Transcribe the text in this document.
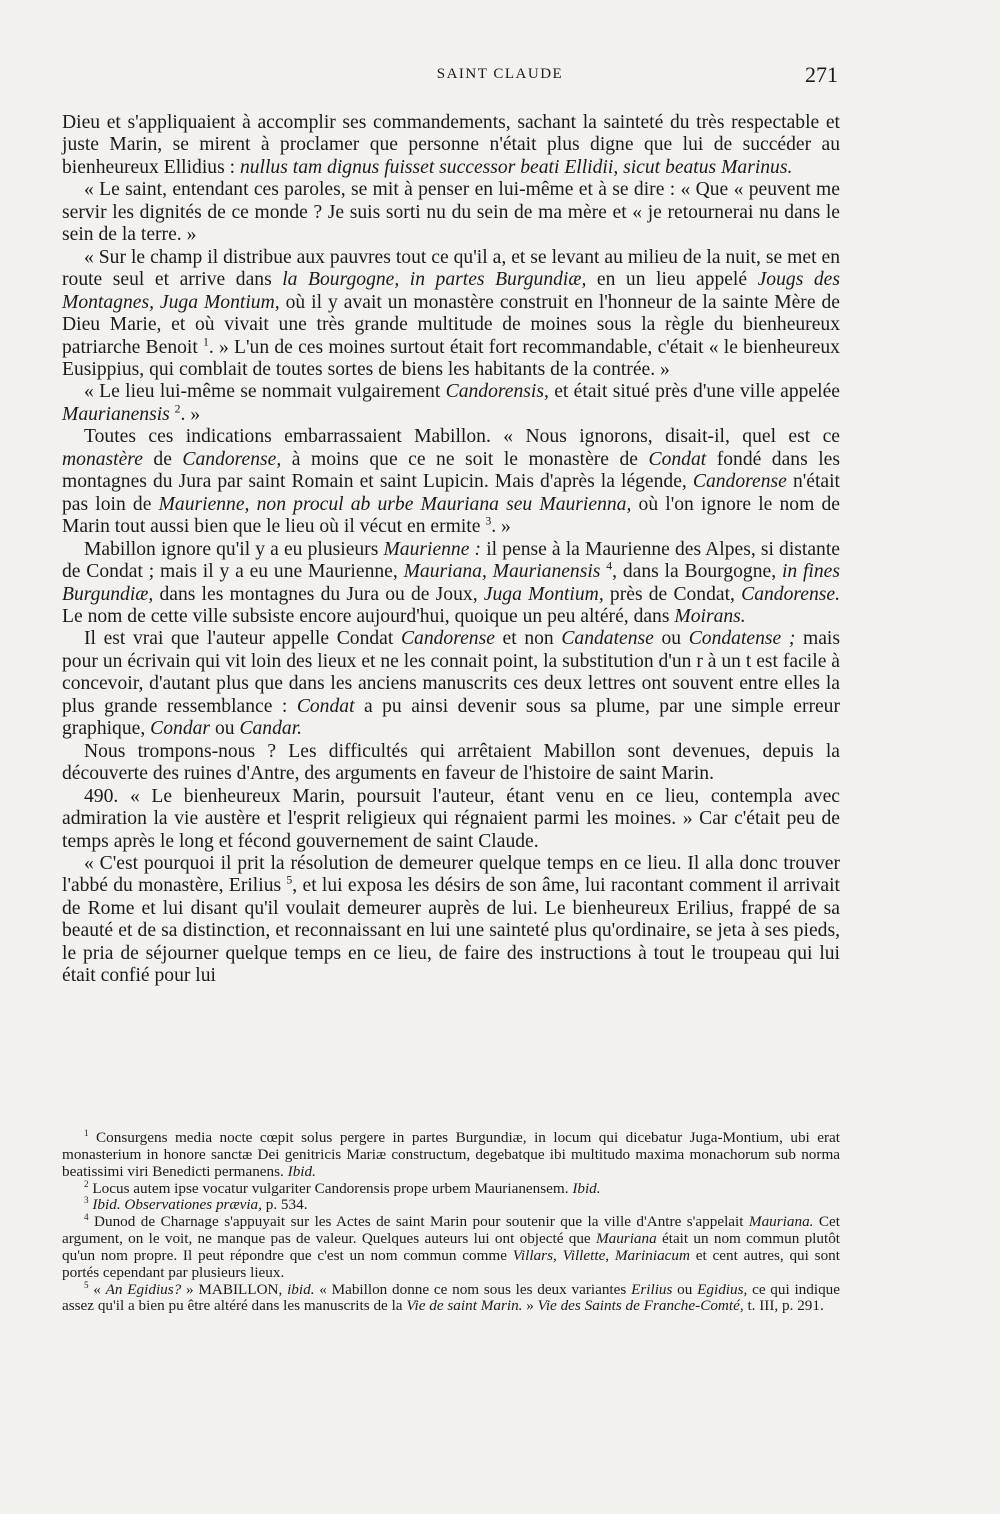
SAINT CLAUDE	271

Dieu et s'appliquaient à accomplir ses commandements, sachant la sainteté du très respectable et juste Marin, se mirent à proclamer que personne n'était plus digne que lui de succéder au bienheureux Ellidius : nullus tam dignus fuisset successor beati Ellidii, sicut beatus Marinus.

« Le saint, entendant ces paroles, se mit à penser en lui-même et à se dire : « Que « peuvent me servir les dignités de ce monde ? Je suis sorti nu du sein de ma mère et « je retournerai nu dans le sein de la terre. »

« Sur le champ il distribue aux pauvres tout ce qu'il a, et se levant au milieu de la nuit, se met en route seul et arrive dans la Bourgogne, in partes Burgundiæ, en un lieu appelé Jougs des Montagnes, Juga Montium, où il y avait un monastère construit en l'honneur de la sainte Mère de Dieu Marie, et où vivait une très grande multitude de moines sous la règle du bienheureux patriarche Benoit $^1$. » L'un de ces moines surtout était fort recommandable, c'était « le bienheureux Eusippius, qui comblait de toutes sortes de biens les habitants de la contrée. »

« Le lieu lui-même se nommait vulgairement Candorensis, et était situé près d'une ville appelée Maurianensis $^2$. »

Toutes ces indications embarrassaient Mabillon. « Nous ignorons, disait-il, quel est ce monastère de Candorense, à moins que ce ne soit le monastère de Condat fondé dans les montagnes du Jura par saint Romain et saint Lupicin. Mais d'après la légende, Candorense n'était pas loin de Maurienne, non procul ab urbe Mauriana seu Maurienna, où l'on ignore le nom de Marin tout aussi bien que le lieu où il vécut en ermite $^3$. »

Mabillon ignore qu'il y a eu plusieurs Maurienne : il pense à la Maurienne des Alpes, si distante de Condat ; mais il y a eu une Maurienne, Mauriana, Maurianensis $^4$, dans la Bourgogne, in fines Burgundiæ, dans les montagnes du Jura ou de Joux, Juga Montium, près de Condat, Candorense. Le nom de cette ville subsiste encore aujourd'hui, quoique un peu altéré, dans Moirans.

Il est vrai que l'auteur appelle Condat Candorense et non Candatense ou Condatense ; mais pour un écrivain qui vit loin des lieux et ne les connait point, la substitution d'un r à un t est facile à concevoir, d'autant plus que dans les anciens manuscrits ces deux lettres ont souvent entre elles la plus grande ressemblance : Condat a pu ainsi devenir sous sa plume, par une simple erreur graphique, Condar ou Candar.

Nous trompons-nous ? Les difficultés qui arrêtaient Mabillon sont devenues, depuis la découverte des ruines d'Antre, des arguments en faveur de l'histoire de saint Marin.

490. « Le bienheureux Marin, poursuit l'auteur, étant venu en ce lieu, contempla avec admiration la vie austère et l'esprit religieux qui régnaient parmi les moines. » Car c'était peu de temps après le long et fécond gouvernement de saint Claude.

« C'est pourquoi il prit la résolution de demeurer quelque temps en ce lieu. Il alla donc trouver l'abbé du monastère, Erilius $^5$, et lui exposa les désirs de son âme, lui racontant comment il arrivait de Rome et lui disant qu'il voulait demeurer auprès de lui. Le bienheureux Erilius, frappé de sa beauté et de sa distinction, et reconnaissant en lui une sainteté plus qu'ordinaire, se jeta à ses pieds, le pria de séjourner quelque temps en ce lieu, de faire des instructions à tout le troupeau qui lui était confié pour lui

$^1$ Consurgens media nocte cœpit solus pergere in partes Burgundiæ, in locum qui dicebatur Juga-Montium, ubi erat monasterium in honore sanctæ Dei genitricis Mariæ constructum, degebatque ibi multitudo maxima monachorum sub norma beatissimi viri Benedicti permanens. Ibid.

$^2$ Locus autem ipse vocatur vulgariter Candorensis prope urbem Maurianensem. Ibid.

$^3$ Ibid. Observationes prævia, p. 534.

$^4$ Dunod de Charnage s'appuyait sur les Actes de saint Marin pour soutenir que la ville d'Antre s'appelait Mauriana. Cet argument, on le voit, ne manque pas de valeur. Quelques auteurs lui ont objecté que Mauriana était un nom commun plutôt qu'un nom propre. Il peut répondre que c'est un nom commun comme Villars, Villette, Mariniacum et cent autres, qui sont portés cependant par plusieurs lieux.

$^5$ « An Egidius? » MABILLON, ibid. « Mabillon donne ce nom sous les deux variantes Erilius ou Egidius, ce qui indique assez qu'il a bien pu être altéré dans les manuscrits de la Vie de saint Marin. » Vie des Saints de Franche-Comté, t. III, p. 291.
